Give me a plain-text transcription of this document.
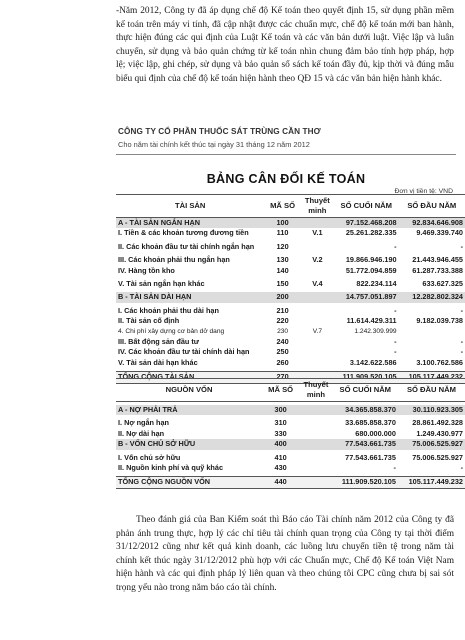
-Năm 2012, Công ty đã áp dụng chế độ Kế toán theo quyết định 15, sử dụng phần mềm kế toán trên máy vi tính, đã cập nhật được các chuẩn mực, chế độ kế toán mới ban hành, thực hiện đúng các qui định của Luật Kế toán và các văn bản dưới luật. Việc lập và luân chuyển, sử dụng và bảo quản chứng từ kế toán nhìn chung đảm bảo tính hợp pháp, hợp lệ; việc lập, ghi chép, sử dụng và bảo quản sổ sách kế toán đầy đủ, kịp thời và đúng mẫu biểu qui định của chế độ kế toán hiện hành theo QĐ 15 và các văn bản hiện hành khác.

CÔNG TY CỔ PHẦN THUỐC SÁT TRÙNG CẦN THƠ
Cho năm tài chính kết thúc tại ngày 31 tháng 12 năm 2012
BẢNG CÂN ĐỐI KẾ TOÁN
Đơn vị tiền tệ: VND
TÀI SẢN	MÃ SỐ	Thuyết minh	SỐ CUỐI NĂM	SỐ ĐẦU NĂM
A - TÀI SẢN NGẮN HẠN	100		97.152.468.208	92.834.646.908
I. Tiền & các khoản tương đương tiền	110	V.1	25.261.282.335	9.469.339.740

II. Các khoản đầu tư tài chính ngắn hạn	120		-	-

III. Các khoản phải thu ngắn hạn	130	V.2	19.866.946.190	21.443.946.455
IV. Hàng tồn kho	140		51.772.094.859	61.287.733.388

V. Tài sản ngắn hạn khác	150	V.4	822.234.114	633.627.325

B - TÀI SẢN DÀI HẠN	200		14.757.051.897	12.282.802.324

I. Các khoản phải thu dài hạn	210		-	-
II. Tài sản cố định	220		11.614.429.311	9.182.039.738
4. Chi phí xây dựng cơ bản dở dang	230	V.7	1.242.309.999	
III. Bất động sản đầu tư	240		-	-
IV. Các khoản đầu tư tài chính dài hạn	250		-	-
V. Tài sản dài hạn khác	260		3.142.622.586	3.100.762.586

TỔNG CỘNG TÀI SẢN	270		111.909.520.105	105.117.449.232
NGUỒN VỐN	MÃ SỐ	Thuyết minh	SỐ CUỐI NĂM	SỐ ĐẦU NĂM

A - NỢ PHẢI TRẢ	300		34.365.858.370	30.110.923.305

I. Nợ ngắn hạn	310		33.685.858.370	28.861.492.328
II. Nợ dài hạn	330		680.000.000	1.249.430.977
B - VỐN CHỦ SỞ HỮU	400		77.543.661.735	75.006.525.927

I. Vốn chủ sở hữu	410		77.543.661.735	75.006.525.927
II. Nguồn kinh phí và quỹ khác	430		-	-

TỔNG CỘNG NGUỒN VỐN	440		111.909.520.105	105.117.449.232

Theo đánh giá của Ban Kiểm soát thì Báo cáo Tài chính năm 2012 của Công ty đã phản ánh trung thực, hợp lý các chỉ tiêu tài chính quan trọng của Công ty tại thời điểm 31/12/2012 cũng như kết quả kinh doanh, các luồng lưu chuyển tiền tệ trong năm tài chính kết thúc ngày 31/12/2012 phù hợp với các Chuẩn mực, Chế độ Kế toán Việt Nam hiện hành và các qui định pháp lý liên quan và theo chúng tôi CPC cũng chưa bị sai sót trọng yếu nào trong năm báo cáo tài chính.
